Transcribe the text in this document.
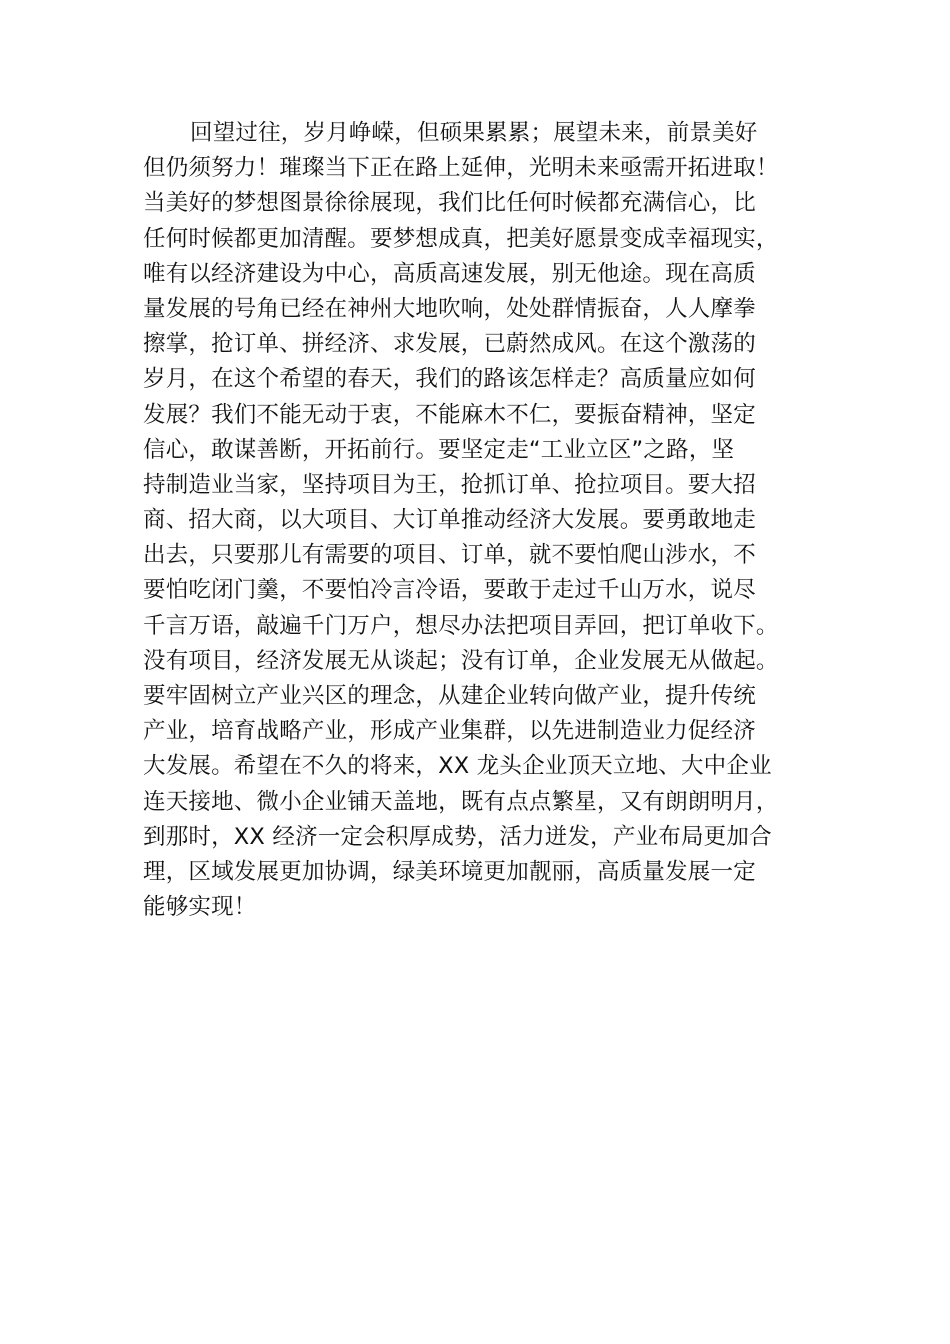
回望过往，岁月峥嵘，但硕果累累；展望未来，前景美好
但仍须努力！璀璨当下正在路上延伸，光明未来亟需开拓进取！
当美好的梦想图景徐徐展现，我们比任何时候都充满信心，比
任何时候都更加清醒。要梦想成真，把美好愿景变成幸福现实，
唯有以经济建设为中心，高质高速发展，别无他途。现在高质
量发展的号角已经在神州大地吹响，处处群情振奋，人人摩拳
擦掌，抢订单、拼经济、求发展，已蔚然成风。在这个激荡的
岁月，在这个希望的春天，我们的路该怎样走？高质量应如何
发展？我们不能无动于衷，不能麻木不仁，要振奋精神，坚定
信心，敢谋善断，开拓前行。要坚定走“工业立区”之路，坚
持制造业当家，坚持项目为王，抢抓订单、抢拉项目。要大招
商、招大商，以大项目、大订单推动经济大发展。要勇敢地走
出去，只要那儿有需要的项目、订单，就不要怕爬山涉水，不
要怕吃闭门羹，不要怕冷言冷语，要敢于走过千山万水，说尽
千言万语，敲遍千门万户，想尽办法把项目弄回，把订单收下。
没有项目，经济发展无从谈起；没有订单，企业发展无从做起。
要牢固树立产业兴区的理念，从建企业转向做产业，提升传统
产业，培育战略产业，形成产业集群，以先进制造业力促经济
大发展。希望在不久的将来，XX 龙头企业顶天立地、大中企业
连天接地、微小企业铺天盖地，既有点点繁星，又有朗朗明月，
到那时，XX 经济一定会积厚成势，活力迸发，产业布局更加合
理，区域发展更加协调，绿美环境更加靓丽，高质量发展一定
能够实现！
